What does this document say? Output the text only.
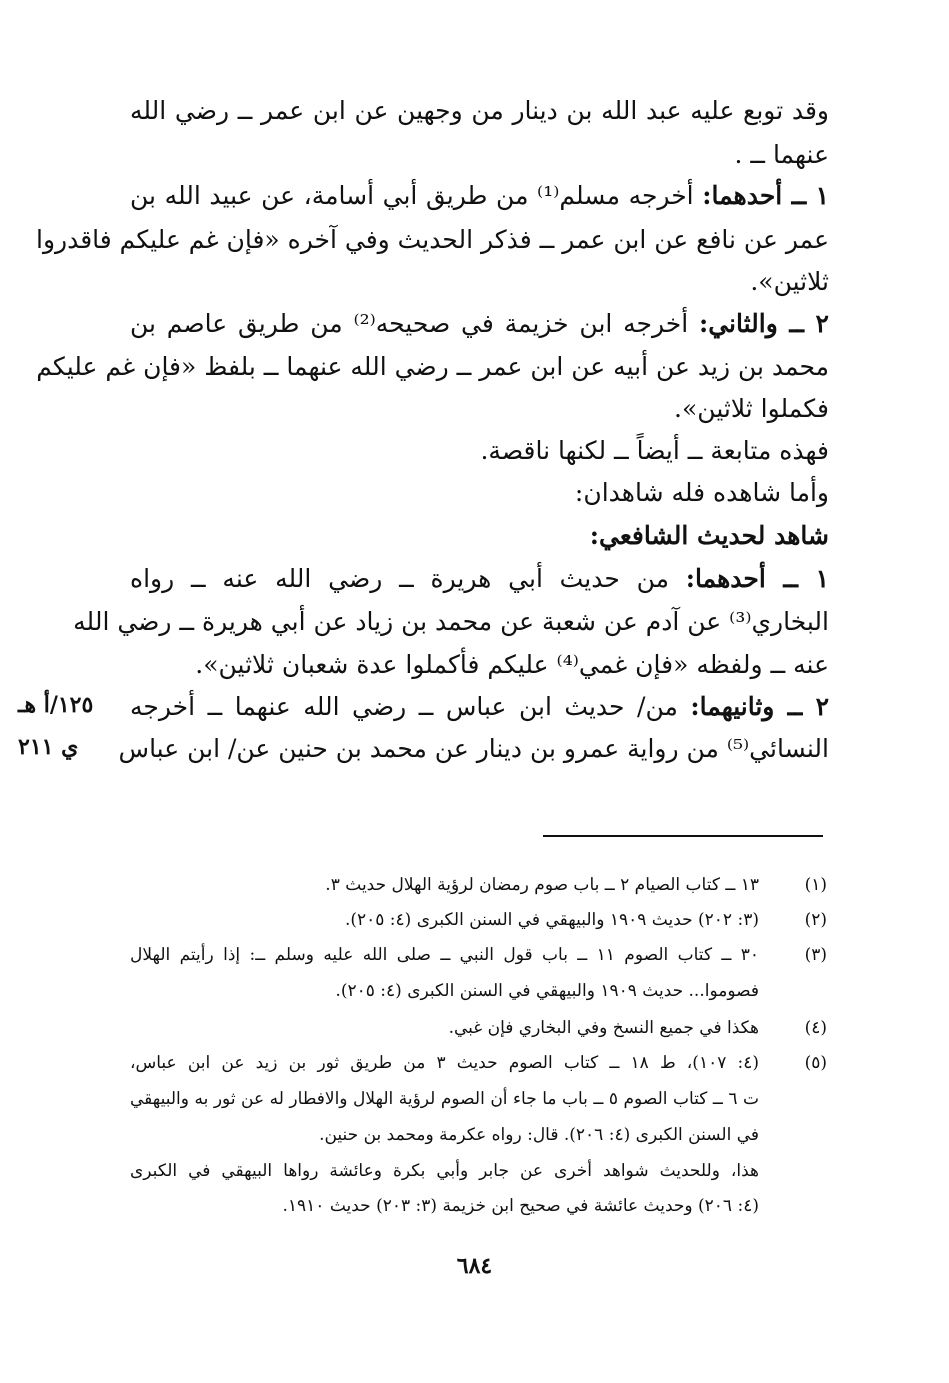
وقد توبع عليه عبد الله بن دينار من وجهين عن ابن عمر ــ رضي الله
عنهما ــ .
١ ــ أحدهما: أخرجه مسلم⁽¹⁾ من طريق أبي أسامة، عن عبيد الله بن
عمر عن نافع عن ابن عمر ــ فذكر الحديث وفي آخره «فإن غم عليكم فاقدروا
ثلاثين».
٢ ــ والثاني: أخرجه ابن خزيمة في صحيحه⁽²⁾ من طريق عاصم بن
محمد بن زيد عن أبيه عن ابن عمر ــ رضي الله عنهما ــ بلفظ «فإن غم عليكم
فكملوا ثلاثين».
فهذه متابعة ــ أيضاً ــ لكنها ناقصة.
وأما شاهده فله شاهدان:
شاهد لحديث الشافعي:
١ ــ أحدهما: من حديث أبي هريرة ــ رضي الله عنه ــ رواه
البخاري⁽³⁾ عن آدم عن شعبة عن محمد بن زياد عن أبي هريرة ــ رضي الله
عنه ــ ولفظه «فإن غمي⁽⁴⁾ عليكم فأكملوا عدة شعبان ثلاثين».
٢ ــ وثانيهما: من/ حديث ابن عباس ــ رضي الله عنهما ــ أخرجه
النسائي⁽⁵⁾ من رواية عمرو بن دينار عن محمد بن حنين عن/ ابن عباس
١٢٥/أ هـ
ي ٢١١
(١)
(٢)
(٣)
(٤)
(٥)
١٣ ــ كتاب الصيام ٢ ــ باب صوم رمضان لرؤية الهلال حديث ٣.
(٣: ٢٠٢) حديث ١٩٠٩ والبيهقي في السنن الكبرى (٤: ٢٠٥).
٣٠ ــ كتاب الصوم ١١ ــ باب قول النبي ــ صلى الله عليه وسلم ــ: إذا رأيتم الهلال
فصوموا... حديث ١٩٠٩ والبيهقي في السنن الكبرى (٤: ٢٠٥).
هكذا في جميع النسخ وفي البخاري فإن غبي.
(٤: ١٠٧)، ط ١٨ ــ كتاب الصوم حديث ٣ من طريق ثور بن زيد عن ابن عباس،
ت ٦ ــ كتاب الصوم ٥ ــ باب ما جاء أن الصوم لرؤية الهلال والافطار له عن ثور به والبيهقي
في السنن الكبرى (٤: ٢٠٦). قال: رواه عكرمة ومحمد بن حنين.
هذا، وللحديث شواهد أخرى عن جابر وأبي بكرة وعائشة رواها البيهقي في الكبرى
(٤: ٢٠٦) وحديث عائشة في صحيح ابن خزيمة (٣: ٢٠٣) حديث ١٩١٠.
٦٨٤
